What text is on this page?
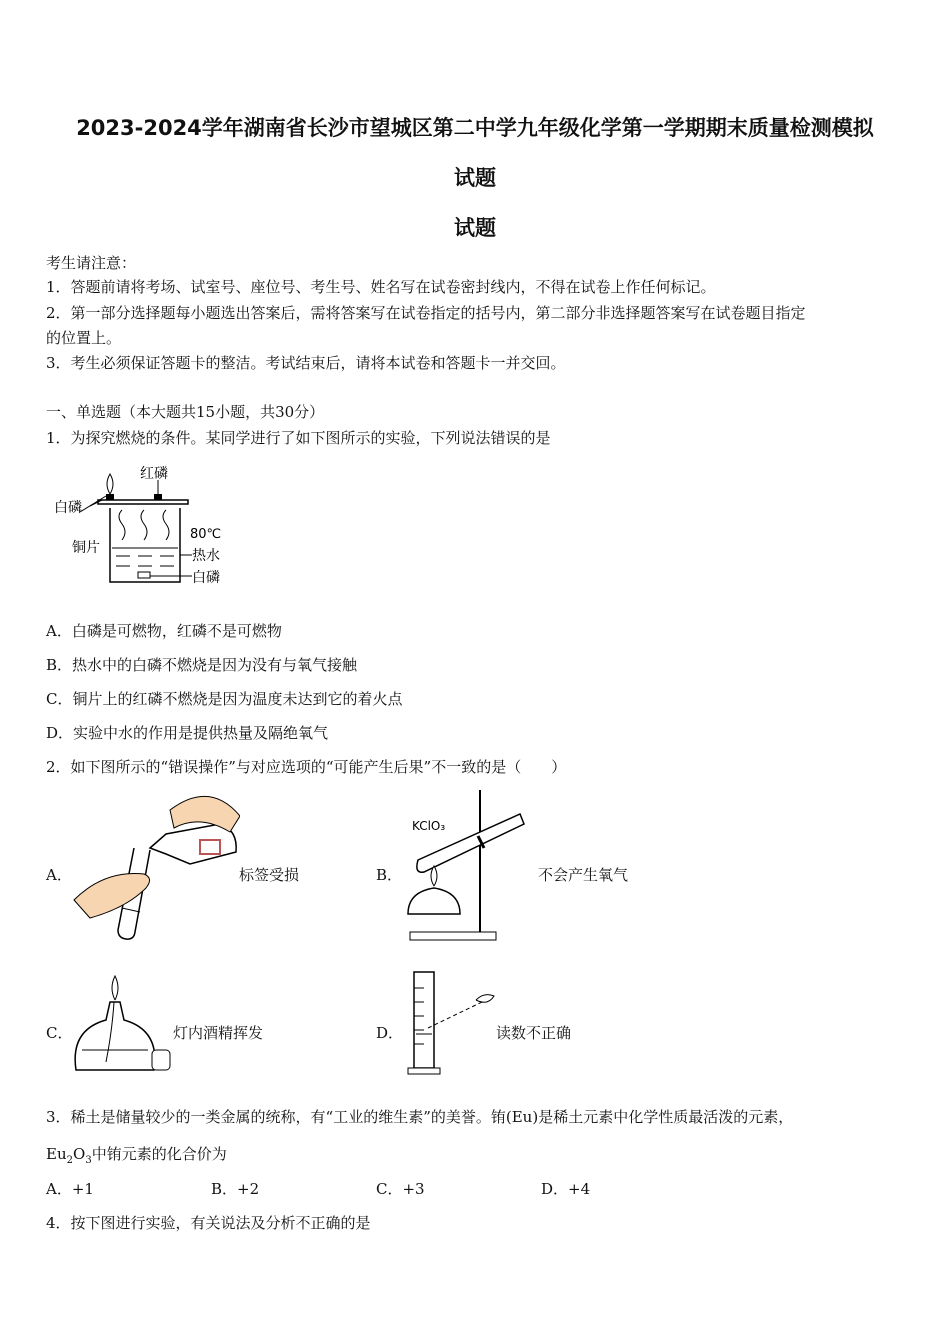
2023-2024学年湖南省长沙市望城区第二中学九年级化学第一学期期末质量检测模拟
试题
试题
考生请注意：
1．答题前请将考场、试室号、座位号、考生号、姓名写在试卷密封线内，不得在试卷上作任何标记。
2．第一部分选择题每小题选出答案后，需将答案写在试卷指定的括号内，第二部分非选择题答案写在试卷题目指定
的位置上。
3．考生必须保证答题卡的整洁。考试结束后，请将本试卷和答题卡一并交回。
一、单选题（本大题共15小题，共30分）
1．为探究燃烧的条件。某同学进行了如下图所示的实验，下列说法错误的是
红磷
白磷
铜片
80℃
热水
白磷
A．白磷是可燃物，红磷不是可燃物
B．热水中的白磷不燃烧是因为没有与氧气接触
C．铜片上的红磷不燃烧是因为温度未达到它的着火点
D．实验中水的作用是提供热量及隔绝氧气
2．如下图所示的“错误操作”与对应选项的“可能产生后果”不一致的是（　　）
A．	标签受损	B．
KClO₃
不会产生氧气
C．	灯内酒精挥发	D．	读数不正确
3．稀土是储量较少的一类金属的统称，有“工业的维生素”的美誉。铕(Eu)是稀土元素中化学性质最活泼的元素，
$Eu_2O_3$中铕元素的化合价为
A．+1	B．+2	C．+3	D．+4
4．按下图进行实验，有关说法及分析不正确的是
